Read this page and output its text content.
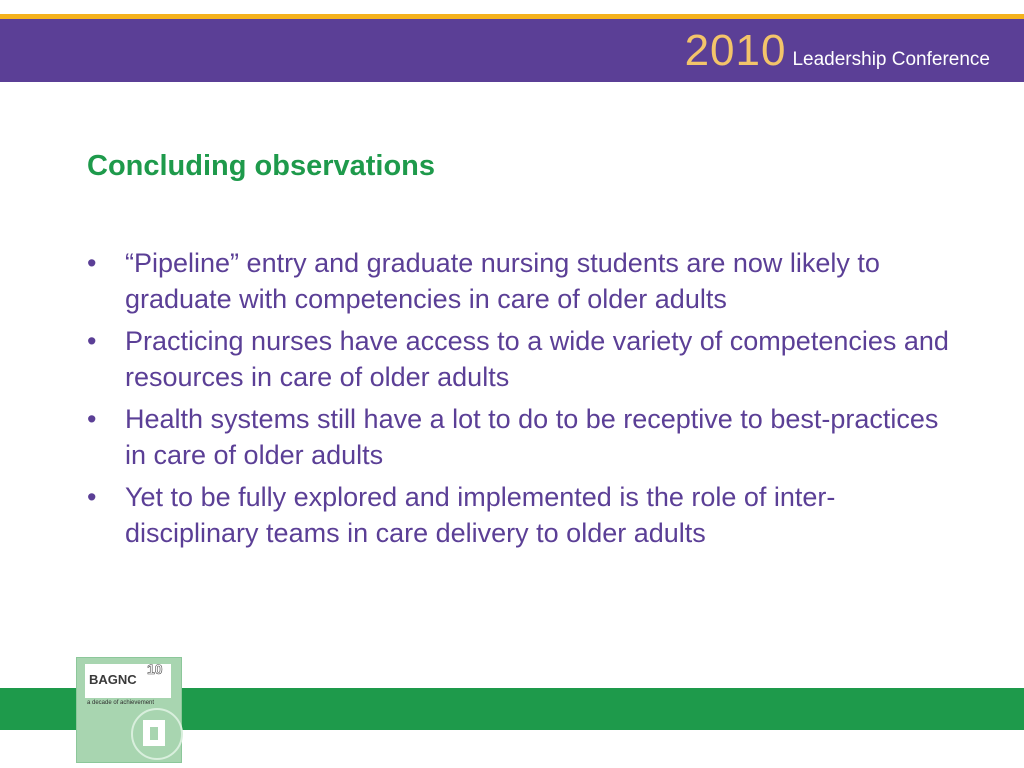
2010 Leadership Conference
Concluding observations
•	“Pipeline” entry and graduate nursing students are now likely to graduate with competencies in care of older adults
•	Practicing nurses have access to a wide variety of competencies and resources in care of older adults
•	Health systems still have a lot to do to be receptive to best-practices in care of older adults
•	Yet to be fully explored and implemented is the role of inter-disciplinary teams in care delivery to older adults
BAGNC
10
a decade of achievement
